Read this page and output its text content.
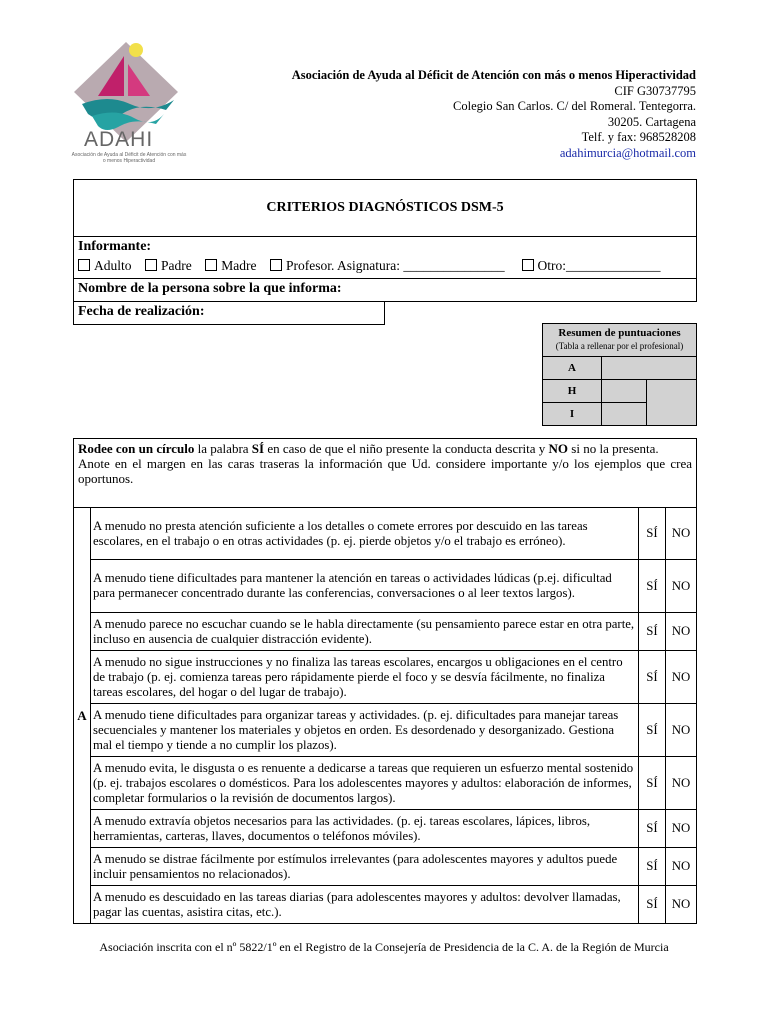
ADAHI
Asociación de Ayuda al Déficit de Atención con más o menos Hiperactividad
Asociación de Ayuda al Déficit de Atención con más o menos Hiperactividad
CIF G30737795
Colegio San Carlos. C/ del Romeral. Tentegorra.
30205. Cartagena
Telf. y fax: 968528208
adahimurcia@hotmail.com
CRITERIOS DIAGNÓSTICOS DSM-5
Informante:
Adulto Padre Madre Profesor. Asignatura: _______________ Otro:______________
Nombre de la persona sobre la que informa:
Fecha de realización:
Resumen de puntuaciones
(Tabla a rellenar por el profesional)		
A		
H		
I		
Rodee con un círculo la palabra SÍ en caso de que el niño presente la conducta descrita y NO si no la presenta.
Anote en el margen en las caras traseras la información que Ud. considere importante y/o los ejemplos que crea oportunos.
A	A menudo no presta atención suficiente a los detalles o comete errores por descuido en las tareas escolares, en el trabajo o en otras actividades (p. ej. pierde objetos y/o el trabajo es erróneo).	SÍ	NO
	A menudo tiene dificultades para mantener la atención en tareas o actividades lúdicas (p.ej. dificultad para permanecer concentrado durante las conferencias, conversaciones o al leer textos largos).	SÍ	NO
	A menudo parece no escuchar cuando se le habla directamente (su pensamiento parece estar en otra parte, incluso en ausencia de cualquier distracción evidente).	SÍ	NO
	A menudo no sigue instrucciones y no finaliza las tareas escolares, encargos u obligaciones en el centro de trabajo (p. ej. comienza tareas pero rápidamente pierde el foco y se desvía fácilmente, no finaliza tareas escolares, del hogar o del lugar de trabajo).	SÍ	NO
	A menudo tiene dificultades para organizar tareas y actividades. (p. ej. dificultades para manejar tareas secuenciales y mantener los materiales y objetos en orden. Es desordenado y desorganizado. Gestiona mal el tiempo y tiende a no cumplir los plazos).	SÍ	NO
	A menudo evita, le disgusta o es renuente a dedicarse a tareas que requieren un esfuerzo mental sostenido (p. ej. trabajos escolares o domésticos. Para los adolescentes mayores y adultos: elaboración de informes, completar formularios o la revisión de documentos largos).	SÍ	NO
	A menudo extravía objetos necesarios para las actividades. (p. ej. tareas escolares, lápices, libros, herramientas, carteras, llaves, documentos o teléfonos móviles).	SÍ	NO
	A menudo se distrae fácilmente por estímulos irrelevantes (para adolescentes mayores y adultos puede incluir pensamientos no relacionados).	SÍ	NO
	A menudo es descuidado en las tareas diarias (para adolescentes mayores y adultos: devolver llamadas, pagar las cuentas, asistira citas, etc.).	SÍ	NO
Asociación inscrita con el nº 5822/1º en el Registro de la Consejería de Presidencia de la C. A. de la Región de Murcia
